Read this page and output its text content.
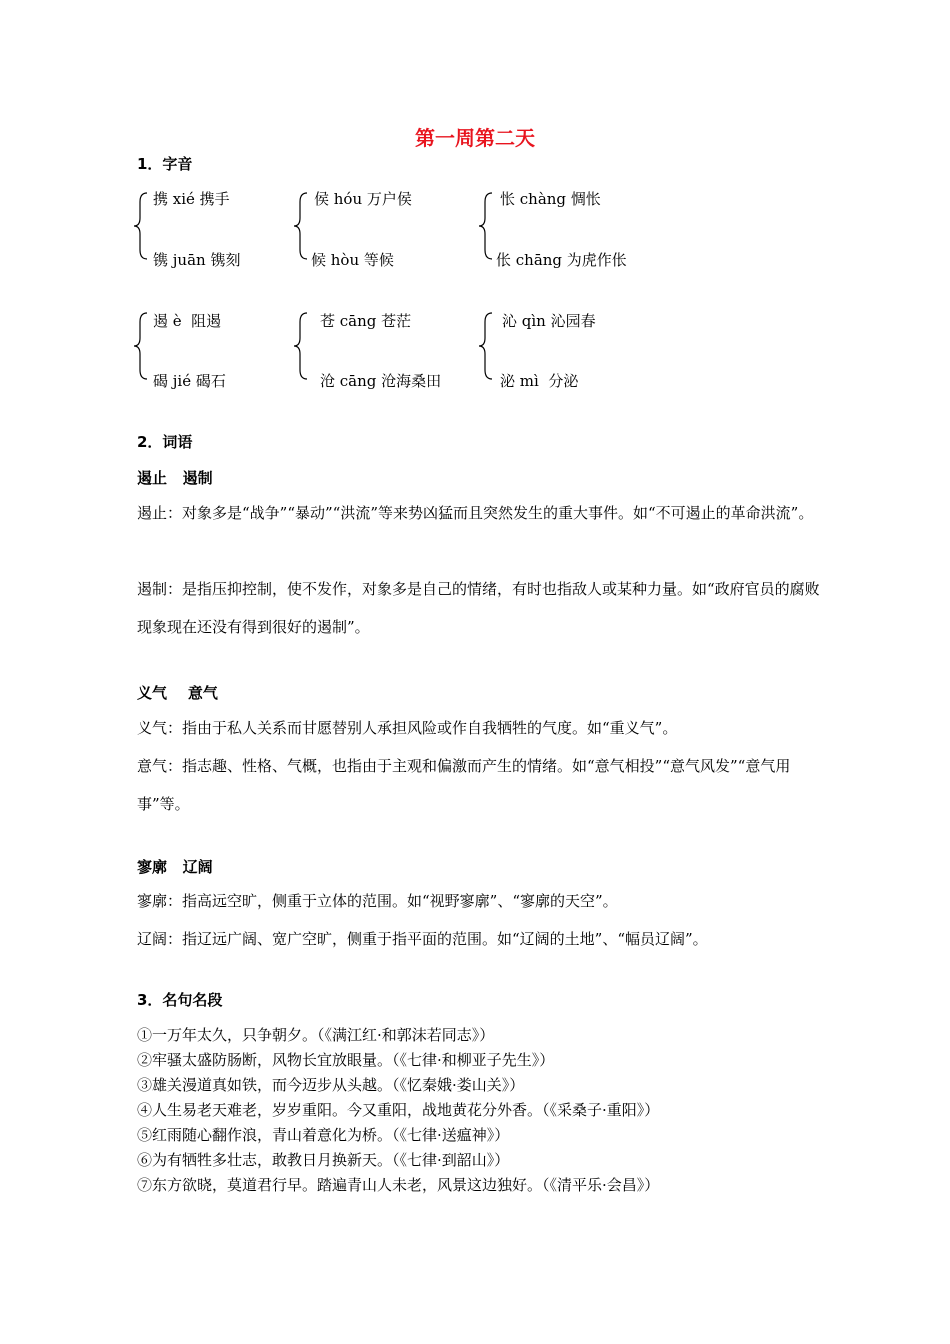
第一周第二天
1．字音
携 xié 携手
镌 juān 镌刻
侯 hóu 万户侯
候 hòu 等候
怅 chàng 惆怅
伥 chāng 为虎作伥
遏 è  阻遏
碣 jié 碣石
苍 cāng 苍茫
沧 cāng 沧海桑田
沁 qìn 沁园春
泌 mì  分泌
2．词语
遏止   遏制
遏止：对象多是“战争”“暴动”“洪流”等来势凶猛而且突然发生的重大事件。如“不可遏止的革命洪流”。
遏制：是指压抑控制，使不发作，对象多是自己的情绪，有时也指敌人或某种力量。如“政府官员的腐败现象现在还没有得到很好的遏制”。
义气    意气
义气：指由于私人关系而甘愿替别人承担风险或作自我牺牲的气度。如“重义气”。
意气：指志趣、性格、气概，也指由于主观和偏激而产生的情绪。如“意气相投”“意气风发”“意气用事”等。
寥廓   辽阔
寥廓：指高远空旷，侧重于立体的范围。如“视野寥廓”、“寥廓的天空”。
辽阔：指辽远广阔、宽广空旷，侧重于指平面的范围。如“辽阔的土地”、“幅员辽阔”。
3．名句名段
①一万年太久，只争朝夕。（《满江红·和郭沫若同志》）
②牢骚太盛防肠断，风物长宜放眼量。（《七律·和柳亚子先生》）
③雄关漫道真如铁，而今迈步从头越。（《忆秦娥·娄山关》）
④人生易老天难老，岁岁重阳。今又重阳，战地黄花分外香。（《采桑子·重阳》）
⑤红雨随心翻作浪，青山着意化为桥。（《七律·送瘟神》）
⑥为有牺牲多壮志，敢教日月换新天。（《七律·到韶山》）
⑦东方欲晓，莫道君行早。踏遍青山人未老，风景这边独好。（《清平乐·会昌》）
